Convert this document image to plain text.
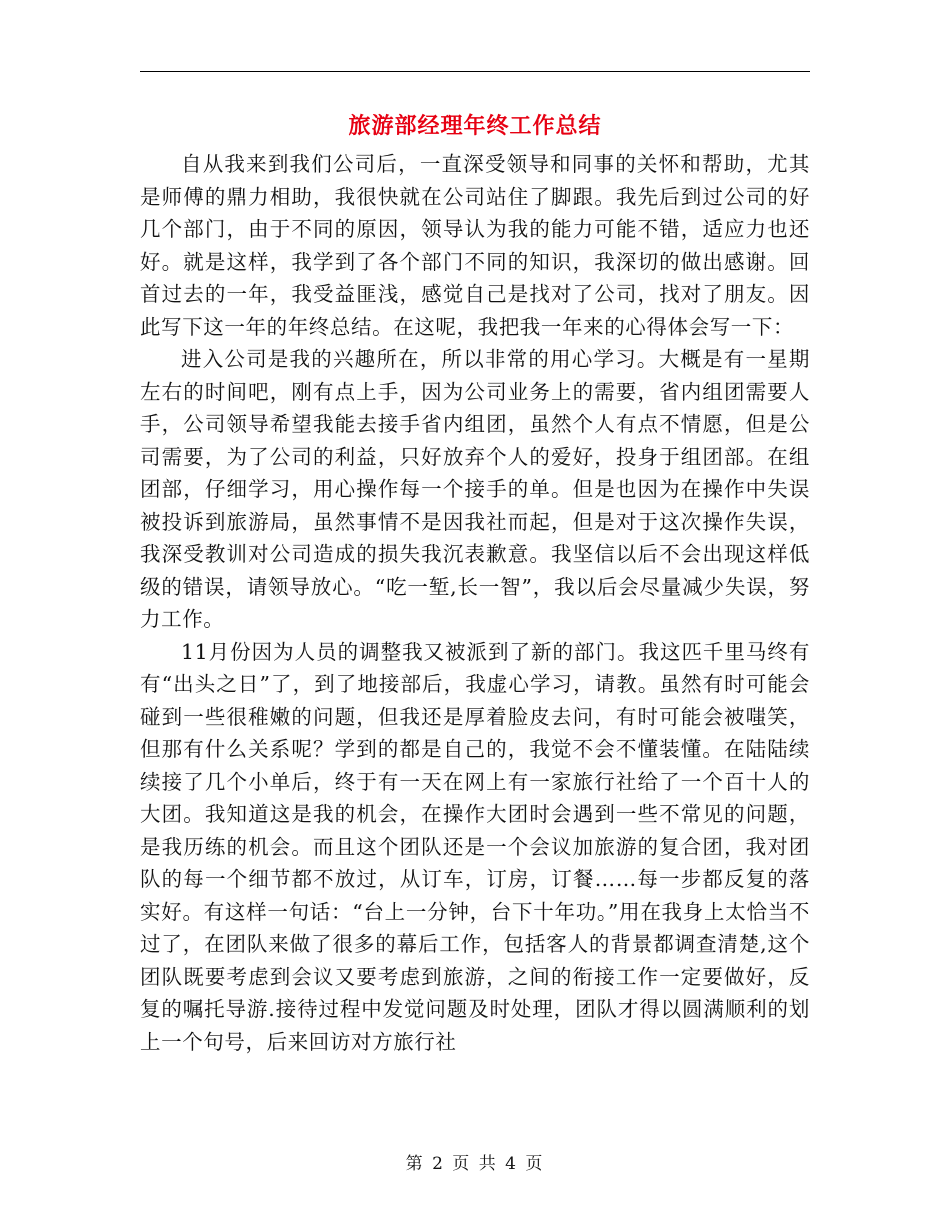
旅游部经理年终工作总结

自从我来到我们公司后，一直深受领导和同事的关怀和帮助，尤其是师傅的鼎力相助，我很快就在公司站住了脚跟。我先后到过公司的好几个部门，由于不同的原因，领导认为我的能力可能不错，适应力也还好。就是这样，我学到了各个部门不同的知识，我深切的做出感谢。回首过去的一年，我受益匪浅，感觉自己是找对了公司，找对了朋友。因此写下这一年的年终总结。在这呢，我把我一年来的心得体会写一下：

进入公司是我的兴趣所在，所以非常的用心学习。大概是有一星期左右的时间吧，刚有点上手，因为公司业务上的需要，省内组团需要人手，公司领导希望我能去接手省内组团，虽然个人有点不情愿，但是公司需要，为了公司的利益，只好放弃个人的爱好，投身于组团部。在组团部，仔细学习，用心操作每一个接手的单。但是也因为在操作中失误被投诉到旅游局，虽然事情不是因我社而起，但是对于这次操作失误，我深受教训对公司造成的损失我沉表歉意。我坚信以后不会出现这样低级的错误，请领导放心。“吃一堑,长一智”，我以后会尽量减少失误，努力工作。

11月份因为人员的调整我又被派到了新的部门。我这匹千里马终有有“出头之日”了，到了地接部后，我虚心学习，请教。虽然有时可能会碰到一些很稚嫩的问题，但我还是厚着脸皮去问，有时可能会被嗤笑，但那有什么关系呢？学到的都是自己的，我觉不会不懂装懂。在陆陆续续接了几个小单后，终于有一天在网上有一家旅行社给了一个百十人的大团。我知道这是我的机会，在操作大团时会遇到一些不常见的问题，是我历练的机会。而且这个团队还是一个会议加旅游的复合团，我对团队的每一个细节都不放过，从订车，订房，订餐……每一步都反复的落实好。有这样一句话：“台上一分钟，台下十年功。”用在我身上太恰当不过了，在团队来做了很多的幕后工作，包括客人的背景都调查清楚,这个团队既要考虑到会议又要考虑到旅游，之间的衔接工作一定要做好，反复的嘱托导游.接待过程中发觉问题及时处理，团队才得以圆满顺利的划上一个句号，后来回访对方旅行社

第 2 页 共 4 页
